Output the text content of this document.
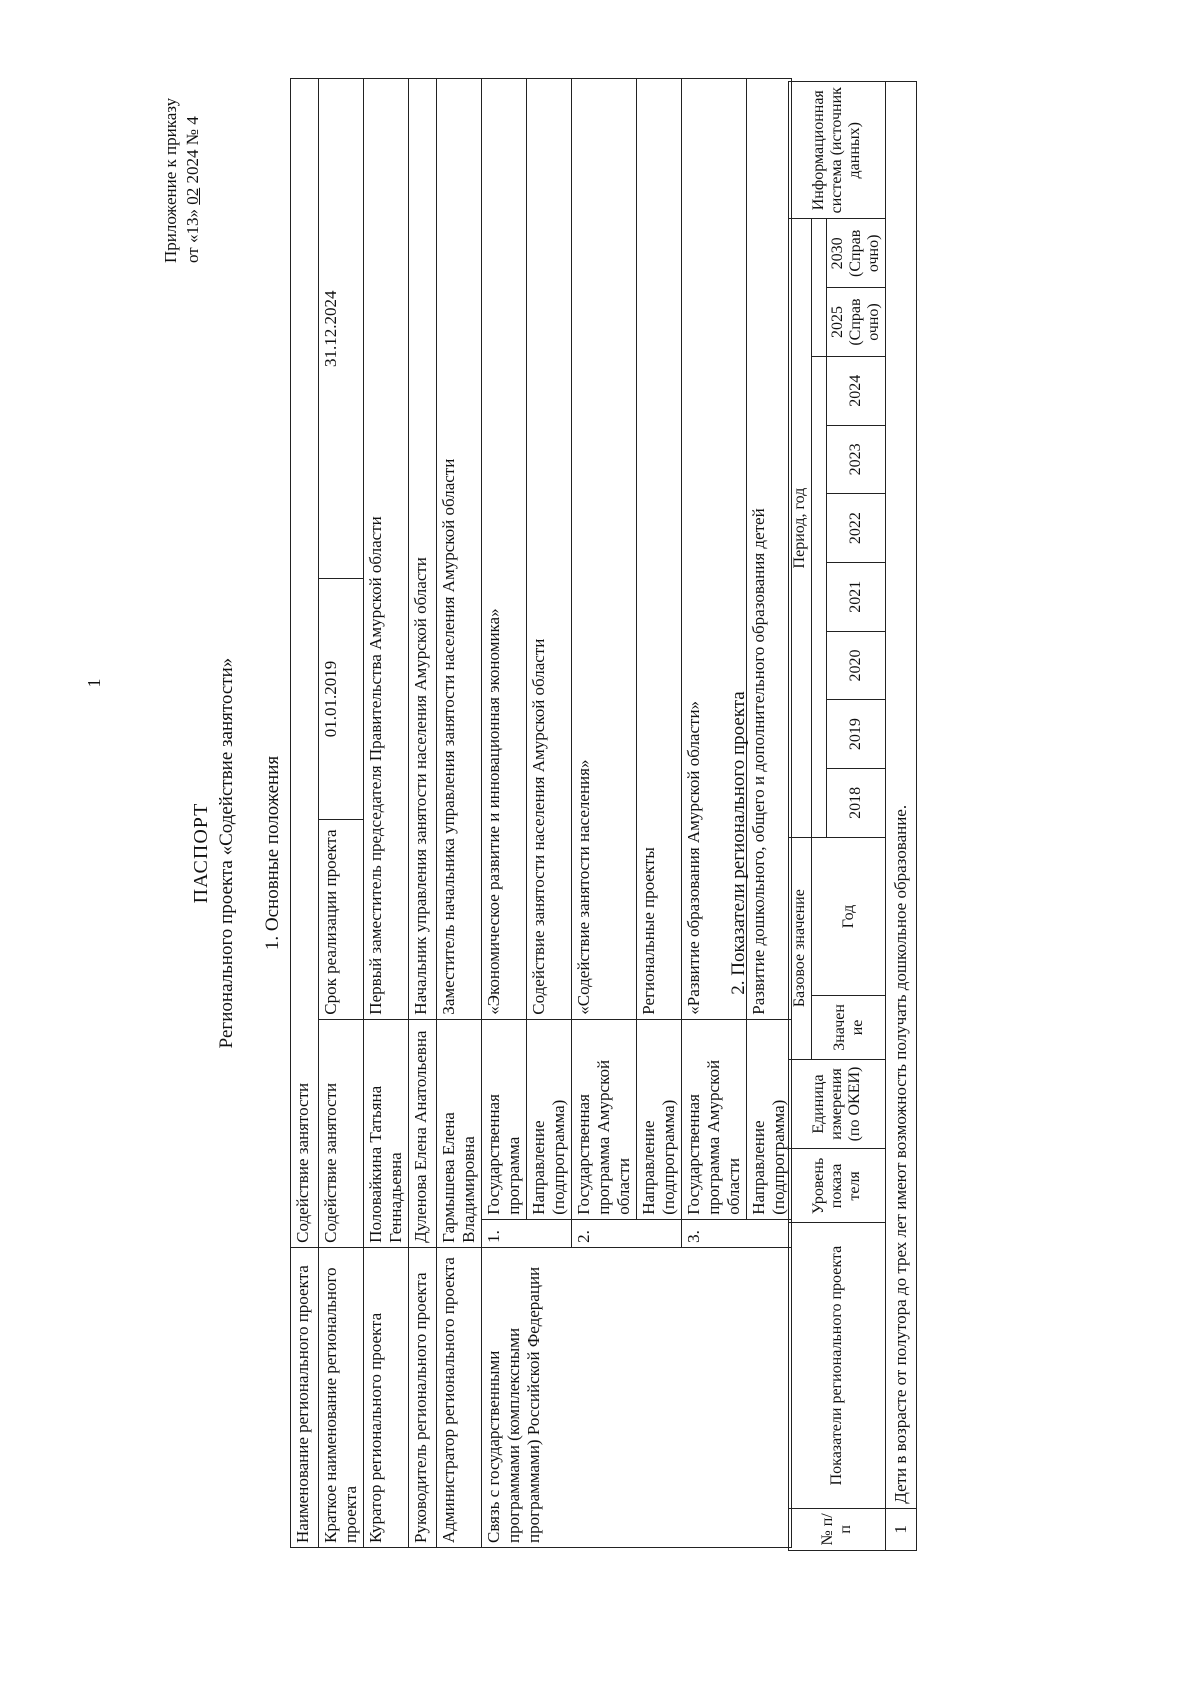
1
Приложение к приказу от «13» 02 2024 № 4
ПАСПОРТ Регионального проекта «Содействие занятости» 1. Основные положения
Наименование регионального проекта	Содействие занятости				
Краткое наименование регионального проекта	Содействие занятости		Срок реализации проекта	01.01.2019	31.12.2024
Куратор регионального проекта	Половайкина Татьяна Геннадьевна		Первый заместитель председателя Правительства Амурской области		
Руководитель регионального проекта	Дуленова Елена Анатольевна		Начальник управления занятости населения Амурской области		
Администратор регионального проекта	Гармышева Елена Владимировна		Заместитель начальника управления занятости населения Амурской области		
Связь с государственными программами (комплексными программами) Российской Федерации	1.	Государственная программа	«Экономическое развитие и инновационная экономика»		
		Направление (подпрограмма)	Содействие занятости населения Амурской области		
	2.	Государственная программа Амурской области	«Содействие занятости населения»		
		Направление (подпрограмма)	Региональные проекты		
	3.	Государственная программа Амурской области	«Развитие образования Амурской области»		
		Направление (подпрограмма)	Развитие дошкольного, общего и дополнительного образования детей		
2. Показатели регионального проекта
№ п/п	Показатели регионального проекта	Уровень показа теля	Единица измерения (по ОКЕИ)	Базовое значение		Период, год									Информационная система (источник данных)
				Значен ие	Год										
						2018	2019	2020	2021	2022	2023	2024	2025 (Справ очно)	2030 (Справ очно)	
1	Дети в возрасте от полутора до трех лет имеют возможность получать дошкольное образование.														
